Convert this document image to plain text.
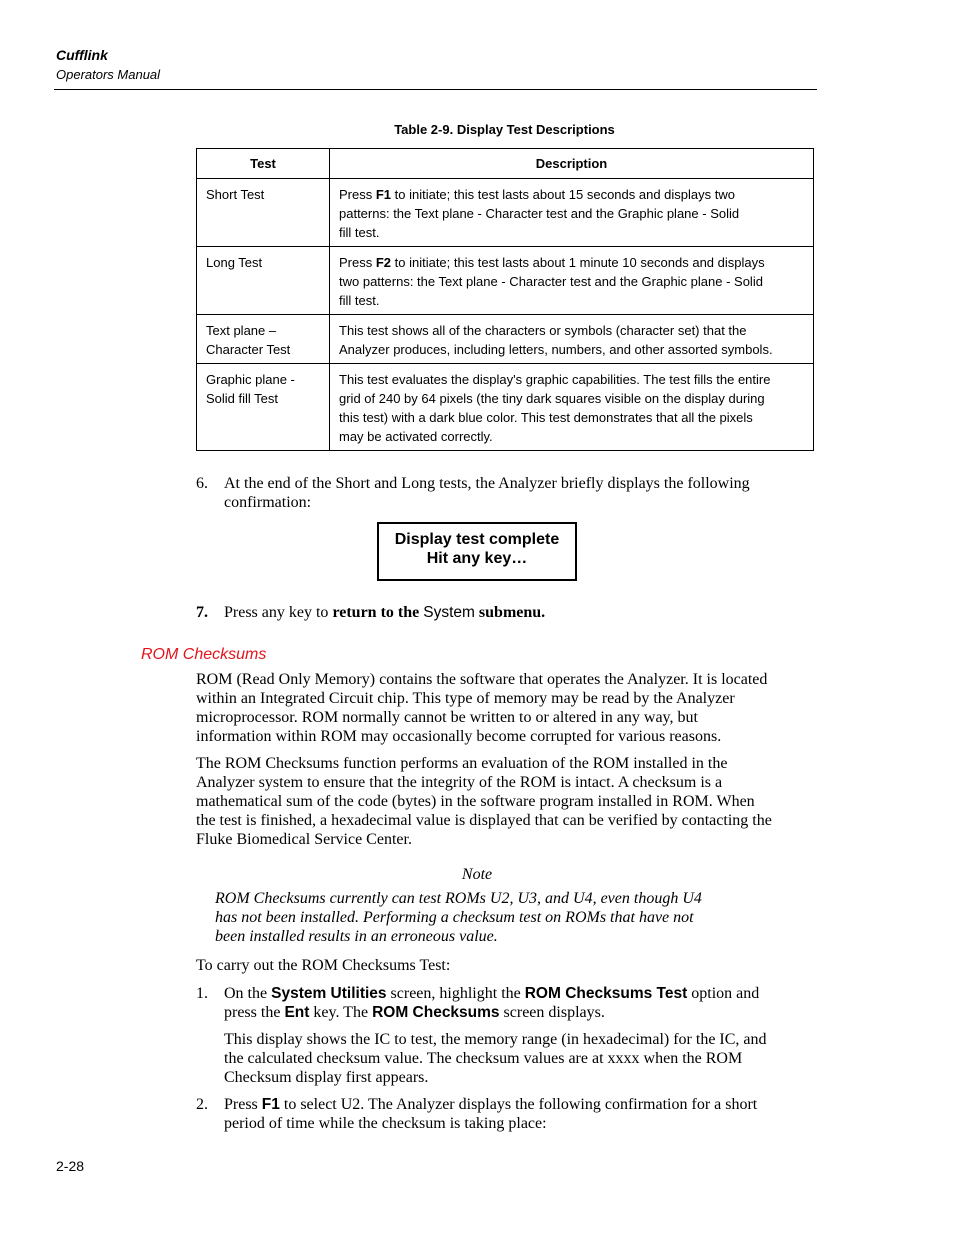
Cufflink
Operators Manual
Table 2-9. Display Test Descriptions
Test	Description
Short Test	Press F1 to initiate; this test lasts about 15 seconds and displays two
patterns: the Text plane - Character test and the Graphic plane - Solid
fill test.
Long Test	Press F2 to initiate; this test lasts about 1 minute 10 seconds and displays
two patterns: the Text plane - Character test and the Graphic plane - Solid
fill test.
Text plane –
Character Test	This test shows all of the characters or symbols (character set) that the
Analyzer produces, including letters, numbers, and other assorted symbols.
Graphic plane -
Solid fill Test	This test evaluates the display's graphic capabilities. The test fills the entire
grid of 240 by 64 pixels (the tiny dark squares visible on the display during
this test) with a dark blue color. This test demonstrates that all the pixels
may be activated correctly.
6. At the end of the Short and Long tests, the Analyzer briefly displays the following
confirmation:
Display test complete
Hit any key…
7. Press any key to return to the System submenu.
ROM Checksums
ROM (Read Only Memory) contains the software that operates the Analyzer. It is located
within an Integrated Circuit chip. This type of memory may be read by the Analyzer
microprocessor. ROM normally cannot be written to or altered in any way, but
information within ROM may occasionally become corrupted for various reasons.
The ROM Checksums function performs an evaluation of the ROM installed in the
Analyzer system to ensure that the integrity of the ROM is intact. A checksum is a
mathematical sum of the code (bytes) in the software program installed in ROM. When
the test is finished, a hexadecimal value is displayed that can be verified by contacting the
Fluke Biomedical Service Center.
Note
ROM Checksums currently can test ROMs U2, U3, and U4, even though U4
has not been installed. Performing a checksum test on ROMs that have not
been installed results in an erroneous value.
To carry out the ROM Checksums Test:
1. On the System Utilities screen, highlight the ROM Checksums Test option and
press the Ent key. The ROM Checksums screen displays.
This display shows the IC to test, the memory range (in hexadecimal) for the IC, and
the calculated checksum value. The checksum values are at xxxx when the ROM
Checksum display first appears.
2. Press F1 to select U2. The Analyzer displays the following confirmation for a short
period of time while the checksum is taking place:
2-28
